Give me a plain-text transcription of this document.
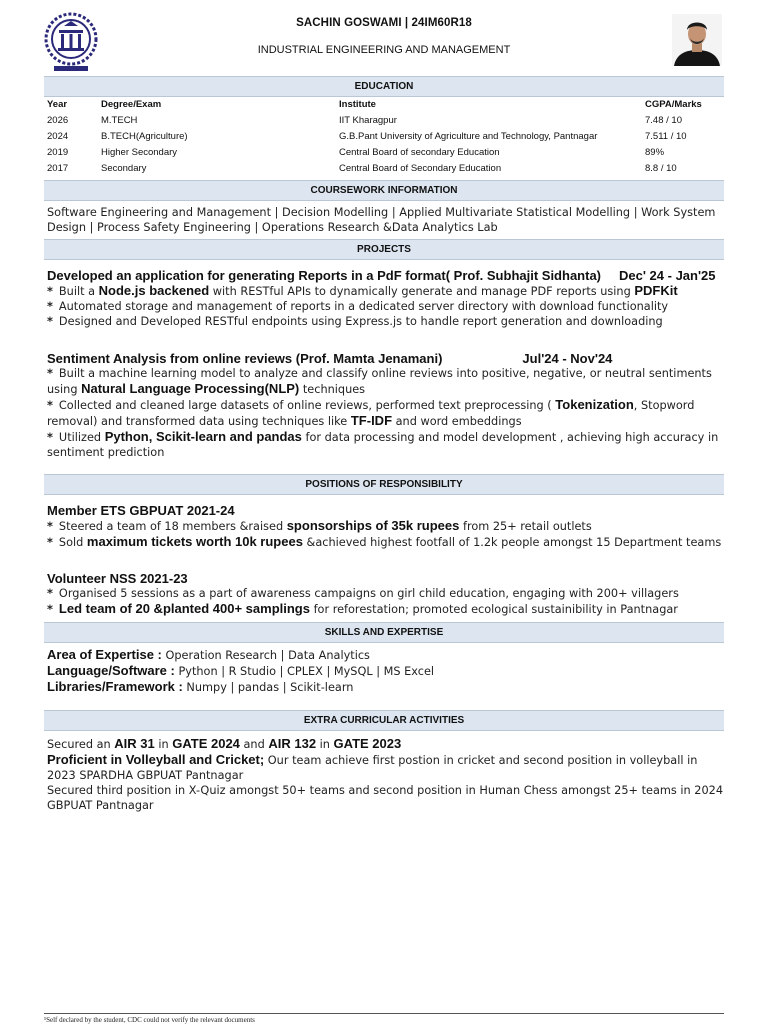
SACHIN GOSWAMI | 24IM60R18
INDUSTRIAL ENGINEERING AND MANAGEMENT
EDUCATION
Year	Degree/Exam	Institute	CGPA/Marks
2026	M.TECH	IIT Kharagpur	7.48 / 10
2024	B.TECH(Agriculture)	G.B.Pant University of Agriculture and Technology, Pantnagar	7.511 / 10
2019	Higher Secondary	Central Board of secondary Education	89%
2017	Secondary	Central Board of Secondary Education	8.8 / 10
COURSEWORK INFORMATION
Software Engineering and Management | Decision Modelling | Applied Multivariate Statistical Modelling | Work System Design | Process Safety Engineering | Operations Research &Data Analytics Lab
PROJECTS

Developed an application for generating Reports in a PdF format( Prof. Subhajit Sidhanta) Dec' 24 - Jan'25

* Built a Node.js backened with RESTful APIs to dynamically generate and manage PDF reports using PDFKit

* Automated storage and management of reports in a dedicated server directory with download functionality

* Designed and Developed RESTful endpoints using Express.js to handle report generation and downloading

Sentiment Analysis from online reviews (Prof. Mamta Jenamani)	Jul'24 - Nov'24

* Built a machine learning model to analyze and classify online reviews into positive, negative, or neutral sentiments using Natural Language Processing(NLP) techniques

* Collected and cleaned large datasets of online reviews, performed text preprocessing ( Tokenization, Stopword removal) and transformed data using techniques like TF-IDF and word embeddings

* Utilized Python, Scikit-learn and pandas for data processing and model development , achieving high accuracy in sentiment prediction

POSITIONS OF RESPONSIBILITY

Member ETS GBPUAT 2021-24

* Steered a team of 18 members &raised sponsorships of 35k rupees from 25+ retail outlets

* Sold maximum tickets worth 10k rupees &achieved highest footfall of 1.2k people amongst 15 Department teams

Volunteer NSS 2021-23

* Organised 5 sessions as a part of awareness campaigns on girl child education, engaging with 200+ villagers

* Led team of 20 &planted 400+ samplings for reforestation; promoted ecological sustainibility in Pantnagar

SKILLS AND EXPERTISE

Area of Expertise : Operation Research | Data Analytics

Language/Software : Python | R Studio | CPLEX | MySQL | MS Excel

Libraries/Framework : Numpy | pandas | Scikit-learn

EXTRA CURRICULAR ACTIVITIES

Secured an AIR 31 in GATE 2024 and AIR 132 in GATE 2023

Proficient in Volleyball and Cricket; Our team achieve first postion in cricket and second position in volleyball in 2023 SPARDHA GBPUAT Pantnagar

Secured third position in X-Quiz amongst 50+ teams and second position in Human Chess amongst 25+ teams in 2024 GBPUAT Pantnagar

¹Self declared by the student, CDC could not verify the relevant documents
